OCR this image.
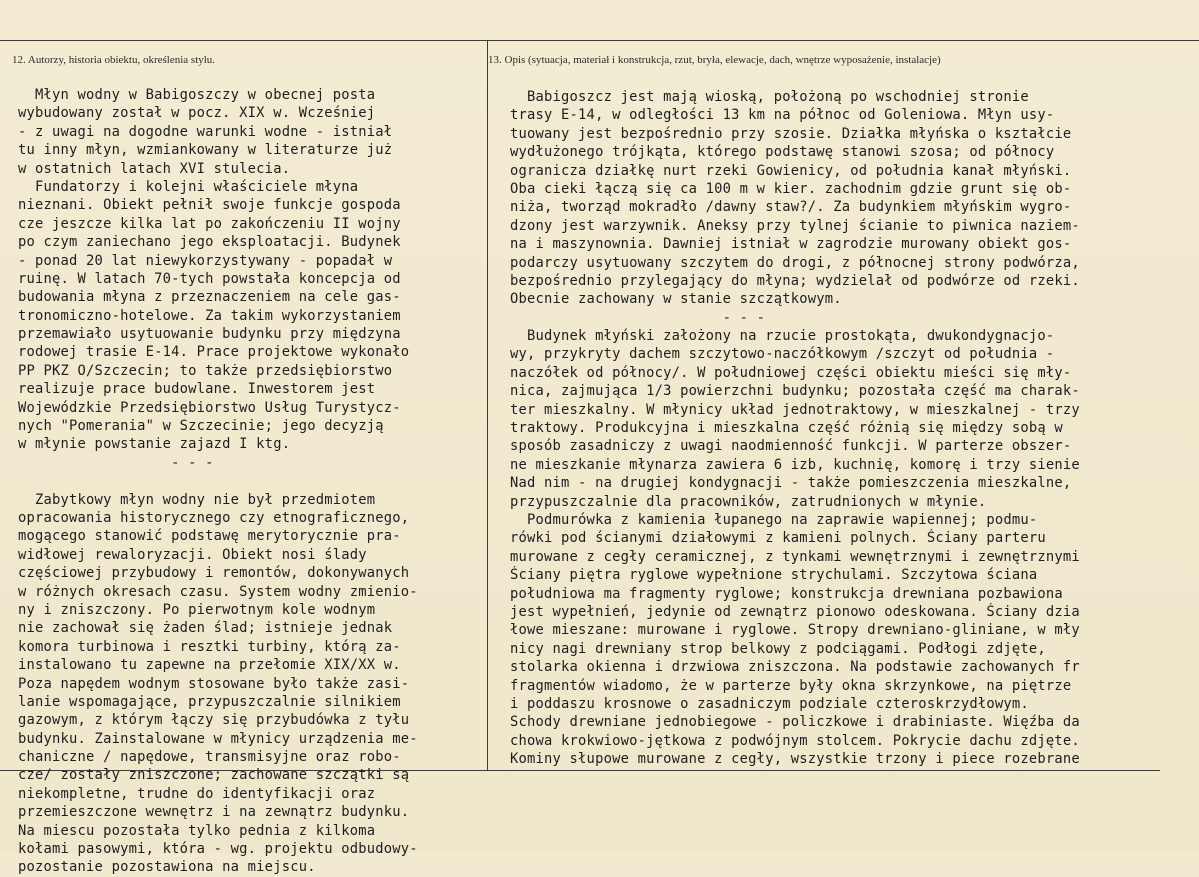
12. Autorzy, historia obiektu, określenia stylu.	13. Opis (sytuacja, materiał i konstrukcja, rzut, bryła, elewacje, dach, wnętrze wyposażenie, instalacje)
Młyn wodny w Babigoszczy w obecnej posta
wybudowany został w pocz. XIX w. Wcześniej
- z uwagi na dogodne warunki wodne - istniał
tu inny młyn, wzmiankowany w literaturze już
w ostatnich latach XVI stulecia.
Fundatorzy i kolejni właściciele młyna
nieznani. Obiekt pełnił swoje funkcje gospoda
cze jeszcze kilka lat po zakończeniu II wojny
po czym zaniechano jego eksploatacji. Budynek
- ponad 20 lat niewykorzystywany - popadał w
ruinę. W latach 70-tych powstała koncepcja od
budowania młyna z przeznaczeniem na cele gas-
tronomiczno-hotelowe. Za takim wykorzystaniem
przemawiało usytuowanie budynku przy międzyna
rodowej trasie E-14. Prace projektowe wykonało
PP PKZ O/Szczecin; to także przedsiębiorstwo
realizuje prace budowlane. Inwestorem jest
Wojewódzkie Przedsiębiorstwo Usług Turystycz-
nych "Pomerania" w Szczecinie; jego decyzją
w młynie powstanie zajazd I ktg.
- - -
Zabytkowy młyn wodny nie był przedmiotem
opracowania historycznego czy etnograficznego,
mogącego stanowić podstawę merytorycznie pra-
widłowej rewaloryzacji. Obiekt nosi ślady
częściowej przybudowy i remontów, dokonywanych
w różnych okresach czasu. System wodny zmienio-
ny i zniszczony. Po pierwotnym kole wodnym
nie zachował się żaden ślad; istnieje jednak
komora turbinowa i resztki turbiny, którą za-
instalowano tu zapewne na przełomie XIX/XX w.
Poza napędem wodnym stosowane było także zasi-
lanie wspomagające, przypuszczalnie silnikiem
gazowym, z którym łączy się przybudówka z tyłu
budynku. Zainstalowane w młynicy urządzenia me-
chaniczne / napędowe, transmisyjne oraz robo-
cze/ zostały zniszczone; zachowane szczątki są
niekompletne, trudne do identyfikacji oraz
przemieszczone wewnętrz i na zewnątrz budynku.
Na miescu pozostała tylko pednia z kilkoma
kołami pasowymi, która - wg. projektu odbudowy-
pozostanie pozostawiona na miejscu.
Babigoszcz jest mają wioską, położoną po wschodniej stronie
trasy E-14, w odległości 13 km na północ od Goleniowa. Młyn usy-
tuowany jest bezpośrednio przy szosie. Działka młyńska o kształcie
wydłużonego trójkąta, którego podstawę stanowi szosa; od północy
ogranicza działkę nurt rzeki Gowienicy, od południa kanał młyński.
Oba cieki łączą się ca 100 m w kier. zachodnim gdzie grunt się ob-
niża, tworząd mokradło /dawny staw?/. Za budynkiem młyńskim wygro-
dzony jest warzywnik. Aneksy przy tylnej ścianie to piwnica naziem-
na i maszynownia. Dawniej istniał w zagrodzie murowany obiekt gos-
podarczy usytuowany szczytem do drogi, z północnej strony podwórza,
bezpośrednio przylegający do młyna; wydzielał od podwórze od rzeki.
Obecnie zachowany w stanie szczątkowym.
- - -
Budynek młyński założony na rzucie prostokąta, dwukondygnacjo-
wy, przykryty dachem szczytowo-naczółkowym /szczyt od południa -
naczółek od północy/. W południowej części obiektu mieści się mły-
nica, zajmująca 1/3 powierzchni budynku; pozostała część ma charak-
ter mieszkalny. W młynicy układ jednotraktowy, w mieszkalnej - trzy
traktowy. Produkcyjna i mieszkalna część różnią się między sobą w
sposób zasadniczy z uwagi naodmienność funkcji. W parterze obszer-
ne mieszkanie młynarza zawiera 6 izb, kuchnię, komorę i trzy sienie
Nad nim - na drugiej kondygnacji - także pomieszczenia mieszkalne,
przypuszczalnie dla pracowników, zatrudnionych w młynie.
Podmurówka z kamienia łupanego na zaprawie wapiennej; podmu-
rówki pod ścianymi działowymi z kamieni polnych. Ściany parteru
murowane z cegły ceramicznej, z tynkami wewnętrznymi i zewnętrznymi
Ściany piętra ryglowe wypełnione strychulami. Szczytowa ściana
południowa ma fragmenty ryglowe; konstrukcja drewniana pozbawiona
jest wypełnień, jedynie od zewnątrz pionowo odeskowana. Ściany dzia
łowe mieszane: murowane i ryglowe. Stropy drewniano-gliniane, w mły
nicy nagi drewniany strop belkowy z podciągami. Podłogi zdjęte,
stolarka okienna i drzwiowa zniszczona. Na podstawie zachowanych fr
fragmentów wiadomo, że w parterze były okna skrzynkowe, na piętrze
i poddaszu krosnowe o zasadniczym podziale czteroskrzydłowym.
Schody drewniane jednobiegowe - policzkowe i drabiniaste. Więźba da
chowa krokwiowo-jętkowa z podwójnym stolcem. Pokrycie dachu zdjęte.
Kominy słupowe murowane z cegły, wszystkie trzony i piece rozebrane
